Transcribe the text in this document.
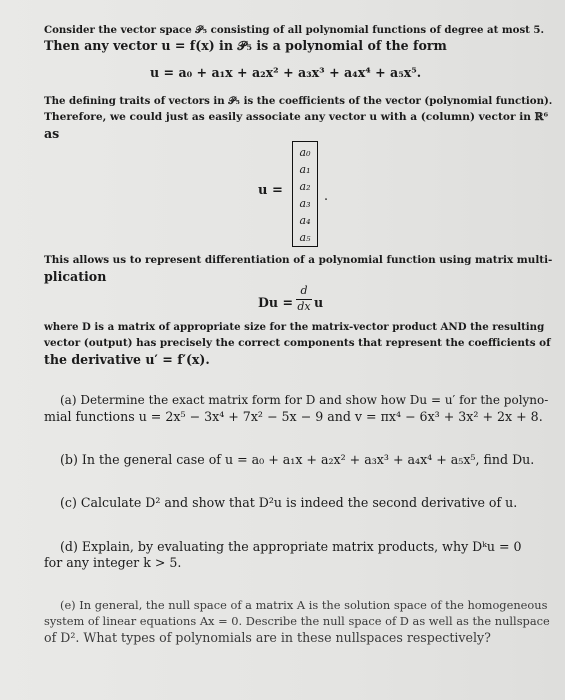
Consider the vector space 𝒫₅ consisting of all polynomial functions of degree at most 5.
Then any vector u = f(x) in 𝒫₅ is a polynomial of the form
u = a₀ + a₁x + a₂x² + a₃x³ + a₄x⁴ + a₅x⁵.
The defining traits of vectors in 𝒫₅ is the coefficients of the vector (polynomial function).
Therefore, we could just as easily associate any vector u with a (column) vector in ℝ⁶
as
u =
a₀
a₁
a₂
a₃
a₄
a₅
.
This allows us to represent differentiation of a polynomial function using matrix multi-
plication
Du =
d
dx u
where D is a matrix of appropriate size for the matrix-vector product AND the resulting
vector (output) has precisely the correct components that represent the coefficients of
the derivative u′ = f′(x).
(a) Determine the exact matrix form for D and show how Du = u′ for the polyno-
mial functions u = 2x⁵ − 3x⁴ + 7x² − 5x − 9 and v = πx⁴ − 6x³ + 3x² + 2x + 8.
(b) In the general case of u = a₀ + a₁x + a₂x² + a₃x³ + a₄x⁴ + a₅x⁵, find Du.
(c) Calculate D² and show that D²u is indeed the second derivative of u.
(d) Explain, by evaluating the appropriate matrix products, why Dᵏu = 0
for any integer k > 5.
(e) In general, the null space of a matrix A is the solution space of the homogeneous
system of linear equations Ax = 0. Describe the null space of D as well as the nullspace
of D². What types of polynomials are in these nullspaces respectively?
